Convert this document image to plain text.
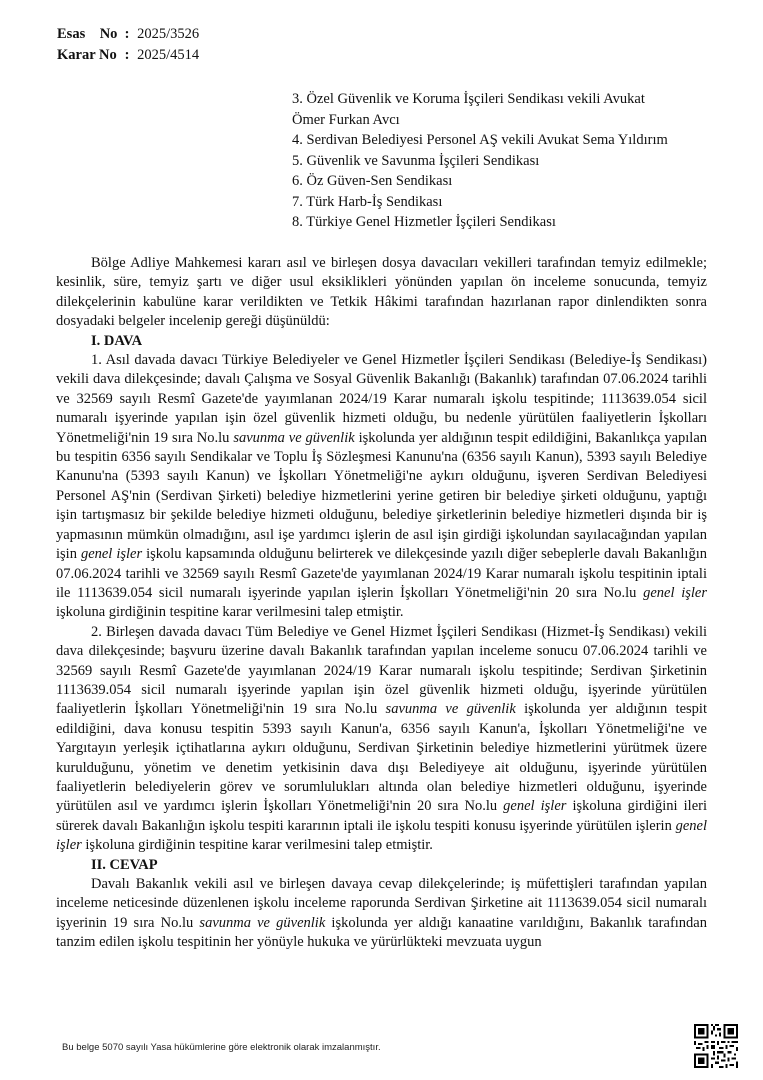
Esas    No : 2025/3526
Karar No : 2025/4514
3. Özel Güvenlik ve Koruma İşçileri Sendikası vekili Avukat
Ömer Furkan Avcı
4. Serdivan Belediyesi Personel AŞ vekili Avukat Sema Yıldırım
5. Güvenlik ve Savunma İşçileri Sendikası
6. Öz Güven-Sen Sendikası
7. Türk Harb-İş Sendikası
8. Türkiye Genel Hizmetler İşçileri Sendikası

Bölge Adliye Mahkemesi kararı asıl ve birleşen dosya davacıları vekilleri tarafından temyiz edilmekle; kesinlik, süre, temyiz şartı ve diğer usul eksiklikleri yönünden yapılan ön inceleme sonucunda, temyiz dilekçelerinin kabulüne karar verildikten ve Tetkik Hâkimi tarafından hazırlanan rapor dinlendikten sonra dosyadaki belgeler incelenip gereği düşünüldü:

I. DAVA

1. Asıl davada davacı Türkiye Belediyeler ve Genel Hizmetler İşçileri Sendikası (Belediye-İş Sendikası) vekili dava dilekçesinde; davalı Çalışma ve Sosyal Güvenlik Bakanlığı (Bakanlık) tarafından 07.06.2024 tarihli ve 32569 sayılı Resmî Gazete'de yayımlanan 2024/19 Karar numaralı işkolu tespitinde; 1113639.054 sicil numaralı işyerinde yapılan işin özel güvenlik hizmeti olduğu, bu nedenle yürütülen faaliyetlerin İşkolları Yönetmeliği'nin 19 sıra No.lu savunma ve güvenlik işkolunda yer aldığının tespit edildiğini, Bakanlıkça yapılan bu tespitin 6356 sayılı Sendikalar ve Toplu İş Sözleşmesi Kanunu'na (6356 sayılı Kanun), 5393 sayılı Belediye Kanunu'na (5393 sayılı Kanun) ve İşkolları Yönetmeliği'ne aykırı olduğunu, işveren Serdivan Belediyesi Personel AŞ'nin (Serdivan Şirketi) belediye hizmetlerini yerine getiren bir belediye şirketi olduğunu, yaptığı işin tartışmasız bir şekilde belediye hizmeti olduğunu, belediye şirketlerinin belediye hizmetleri dışında bir iş yapmasının mümkün olmadığını, asıl işe yardımcı işlerin de asıl işin girdiği işkolundan sayılacağından yapılan işin genel işler işkolu kapsamında olduğunu belirterek ve dilekçesinde yazılı diğer sebeplerle davalı Bakanlığın 07.06.2024 tarihli ve 32569 sayılı Resmî Gazete'de yayımlanan 2024/19 Karar numaralı işkolu tespitinin iptali ile 1113639.054 sicil numaralı işyerinde yapılan işlerin İşkolları Yönetmeliği'nin 20 sıra No.lu genel işler işkoluna girdiğinin tespitine karar verilmesini talep etmiştir.

2. Birleşen davada davacı Tüm Belediye ve Genel Hizmet İşçileri Sendikası (Hizmet-İş Sendikası) vekili dava dilekçesinde; başvuru üzerine davalı Bakanlık tarafından yapılan inceleme sonucu 07.06.2024 tarihli ve 32569 sayılı Resmî Gazete'de yayımlanan 2024/19 Karar numaralı işkolu tespitinde; Serdivan Şirketinin 1113639.054 sicil numaralı işyerinde yapılan işin özel güvenlik hizmeti olduğu, işyerinde yürütülen faaliyetlerin İşkolları Yönetmeliği'nin 19 sıra No.lu savunma ve güvenlik işkolunda yer aldığının tespit edildiğini, dava konusu tespitin 5393 sayılı Kanun'a, 6356 sayılı Kanun'a, İşkolları Yönetmeliği'ne ve Yargıtayın yerleşik içtihatlarına aykırı olduğunu, Serdivan Şirketinin belediye hizmetlerini yürütmek üzere kurulduğunu, yönetim ve denetim yetkisinin dava dışı Belediyeye ait olduğunu, işyerinde yürütülen faaliyetlerin belediyelerin görev ve sorumlulukları altında olan belediye hizmetleri olduğunu, işyerinde yürütülen asıl ve yardımcı işlerin İşkolları Yönetmeliği'nin 20 sıra No.lu genel işler işkoluna girdiğini ileri sürerek davalı Bakanlığın işkolu tespiti kararının iptali ile işkolu tespiti konusu işyerinde yürütülen işlerin genel işler işkoluna girdiğinin tespitine karar verilmesini talep etmiştir.

II. CEVAP

Davalı Bakanlık vekili asıl ve birleşen davaya cevap dilekçelerinde; iş müfettişleri tarafından yapılan inceleme neticesinde düzenlenen işkolu inceleme raporunda Serdivan Şirketine ait 1113639.054 sicil numaralı işyerinin 19 sıra No.lu savunma ve güvenlik işkolunda yer aldığı kanaatine varıldığını, Bakanlık tarafından tanzim edilen işkolu tespitinin her yönüyle hukuka ve yürürlükteki mevzuata uygun

Bu belge 5070 sayılı Yasa hükümlerine göre elektronik olarak imzalanmıştır.
